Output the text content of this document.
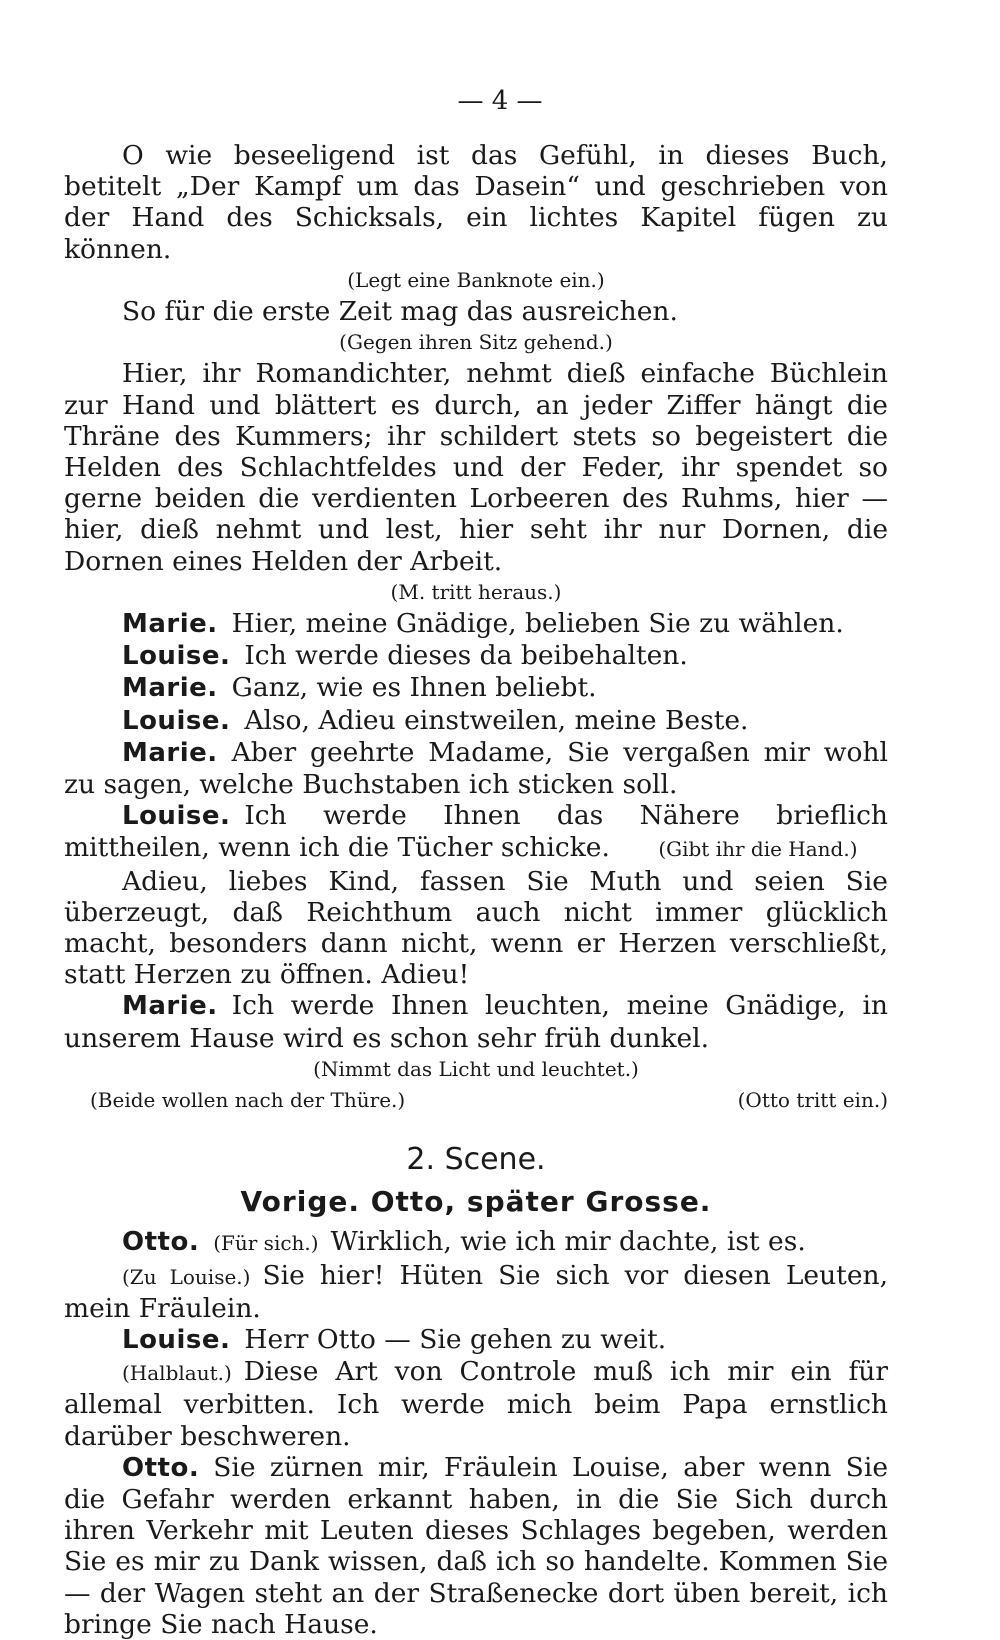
— 4 —

O wie beseeligend ist das Gefühl, in dieses Buch, betitelt „Der Kampf um das Dasein“ und geschrieben von der Hand des Schicksals, ein lichtes Kapitel fügen zu können.

(Legt eine Banknote ein.)

So für die erste Zeit mag das ausreichen.

(Gegen ihren Sitz gehend.)

Hier, ihr Romandichter, nehmt dieß einfache Büchlein zur Hand und blättert es durch, an jeder Ziffer hängt die Thräne des Kummers; ihr schildert stets so begeistert die Helden des Schlachtfeldes und der Feder, ihr spendet so gerne beiden die verdienten Lorbeeren des Ruhms, hier — hier, dieß nehmt und lest, hier seht ihr nur Dornen, die Dornen eines Helden der Arbeit.

(M. tritt heraus.)

Marie. Hier, meine Gnädige, belieben Sie zu wählen.

Louise. Ich werde dieses da beibehalten.

Marie. Ganz, wie es Ihnen beliebt.

Louise. Also, Adieu einstweilen, meine Beste.

Marie. Aber geehrte Madame, Sie vergaßen mir wohl zu sagen, welche Buchstaben ich sticken soll.

Louise. Ich werde Ihnen das Nähere brieflich mittheilen, wenn ich die Tücher schicke. (Gibt ihr die Hand.)

Adieu, liebes Kind, fassen Sie Muth und seien Sie überzeugt, daß Reichthum auch nicht immer glücklich macht, besonders dann nicht, wenn er Herzen verschließt, statt Herzen zu öffnen. Adieu!

Marie. Ich werde Ihnen leuchten, meine Gnädige, in unserem Hause wird es schon sehr früh dunkel.

(Nimmt das Licht und leuchtet.)

(Beide wollen nach der Thüre.)	(Otto tritt ein.)
2. Scene.
Vorige. Otto, später Grosse.

Otto. (Für sich.) Wirklich, wie ich mir dachte, ist es.

(Zu Louise.) Sie hier! Hüten Sie sich vor diesen Leuten, mein Fräulein.

Louise. Herr Otto — Sie gehen zu weit.

(Halblaut.) Diese Art von Controle muß ich mir ein für allemal verbitten. Ich werde mich beim Papa ernstlich darüber beschweren.

Otto. Sie zürnen mir, Fräulein Louise, aber wenn Sie die Gefahr werden erkannt haben, in die Sie Sich durch ihren Verkehr mit Leuten dieses Schlages begeben, werden Sie es mir zu Dank wissen, daß ich so handelte. Kommen Sie — der Wagen steht an der Straßenecke dort üben bereit, ich bringe Sie nach Hause.
